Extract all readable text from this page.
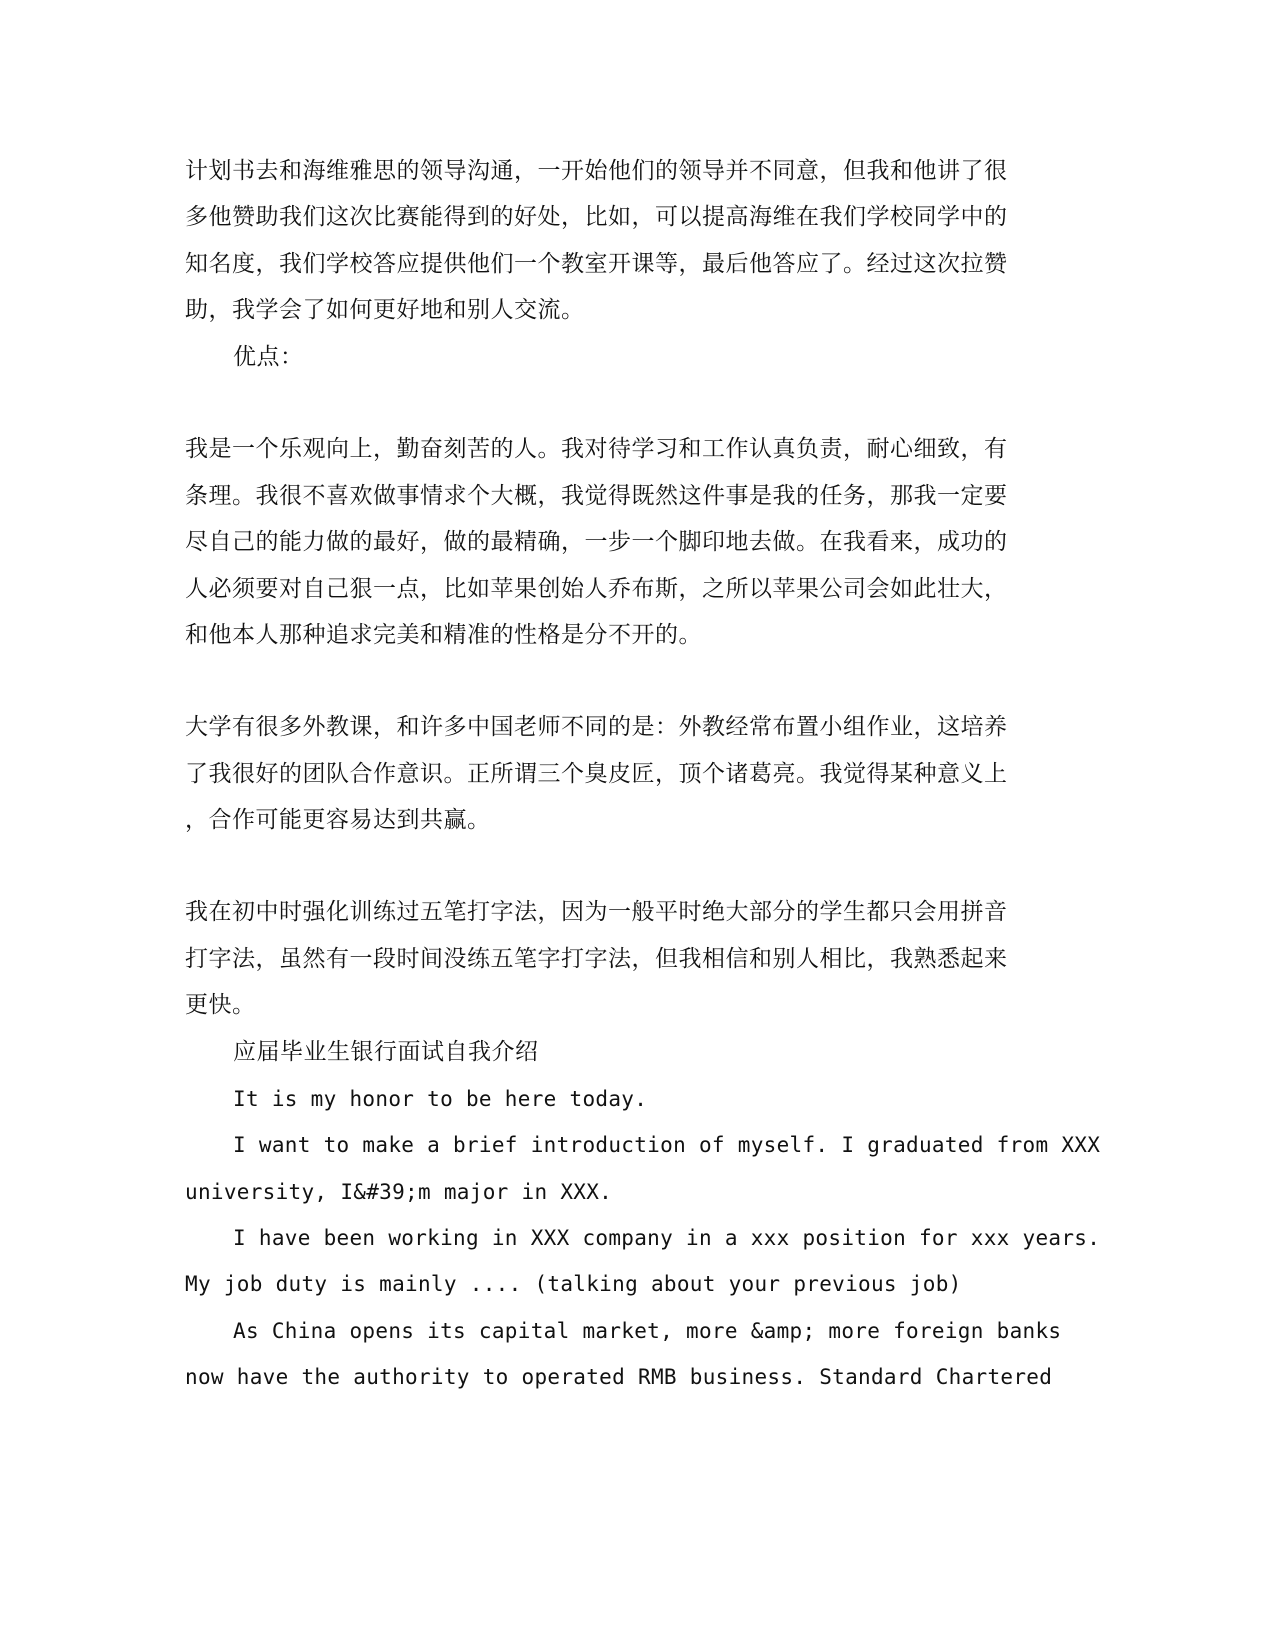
计划书去和海维雅思的领导沟通，一开始他们的领导并不同意，但我和他讲了很
多他赞助我们这次比赛能得到的好处，比如，可以提高海维在我们学校同学中的
知名度，我们学校答应提供他们一个教室开课等，最后他答应了。经过这次拉赞
助，我学会了如何更好地和别人交流。
优点：
我是一个乐观向上，勤奋刻苦的人。我对待学习和工作认真负责，耐心细致，有
条理。我很不喜欢做事情求个大概，我觉得既然这件事是我的任务，那我一定要
尽自己的能力做的最好，做的最精确，一步一个脚印地去做。在我看来，成功的
人必须要对自己狠一点，比如苹果创始人乔布斯，之所以苹果公司会如此壮大，
和他本人那种追求完美和精准的性格是分不开的。
大学有很多外教课，和许多中国老师不同的是：外教经常布置小组作业，这培养
了我很好的团队合作意识。正所谓三个臭皮匠，顶个诸葛亮。我觉得某种意义上
，合作可能更容易达到共赢。
我在初中时强化训练过五笔打字法，因为一般平时绝大部分的学生都只会用拼音
打字法，虽然有一段时间没练五笔字打字法，但我相信和别人相比，我熟悉起来
更快。
应届毕业生银行面试自我介绍
It is my honor to be here today.
I want to make a brief introduction of myself. I graduated from XXX
university, I&#39;m major in XXX.
I have been working in XXX company in a xxx position for xxx years.
My job duty is mainly .... (talking about your previous job)
As China opens its capital market, more &amp; more foreign banks
now have the authority to operated RMB business. Standard Chartered
